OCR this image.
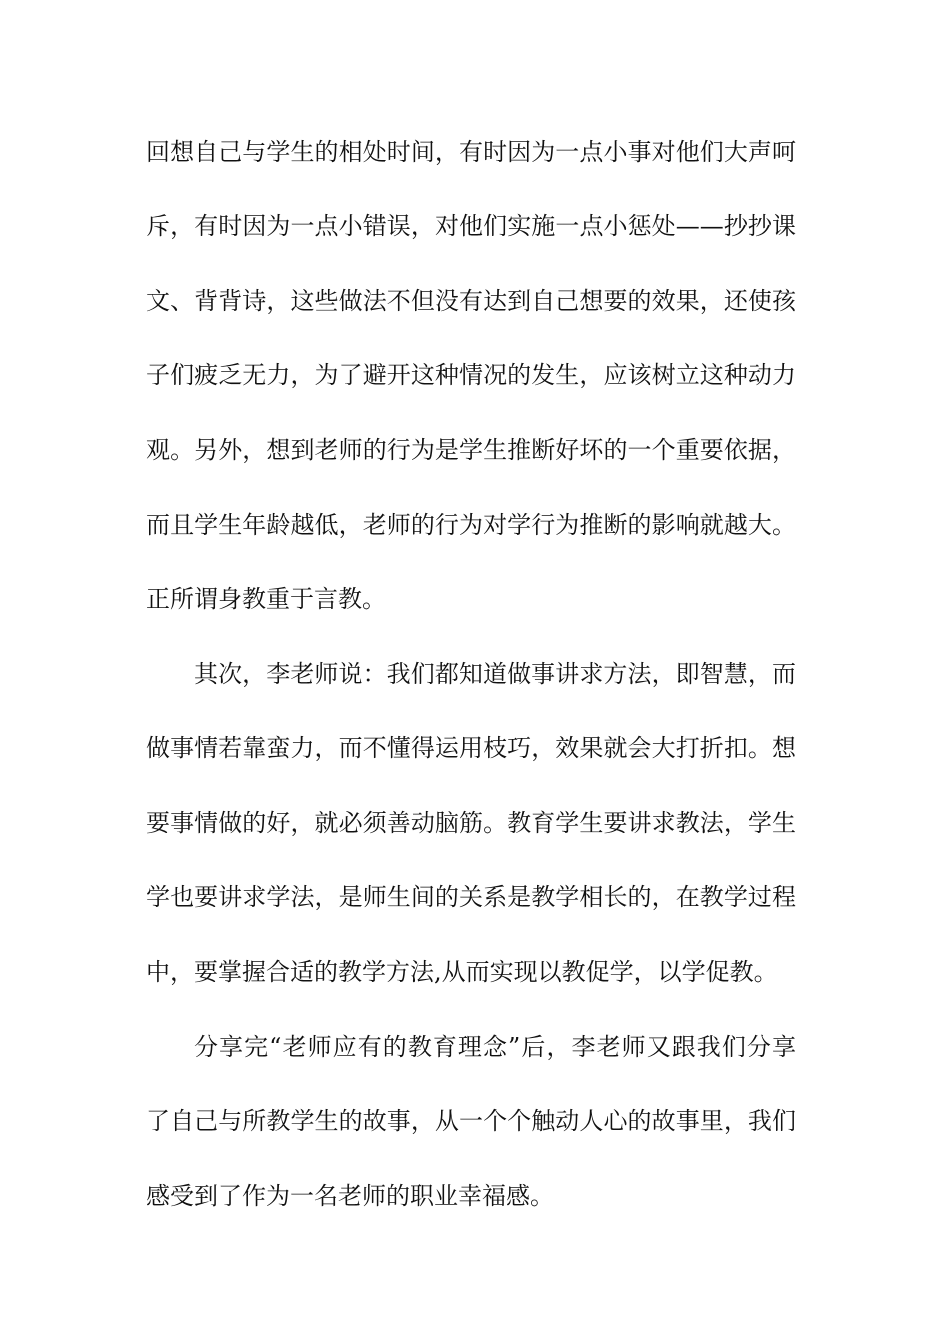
回想自己与学生的相处时间，有时因为一点小事对他们大声呵
斥，有时因为一点小错误，对他们实施一点小惩处——抄抄课
文、背背诗，这些做法不但没有达到自己想要的效果，还使孩
子们疲乏无力，为了避开这种情况的发生，应该树立这种动力
观。另外，想到老师的行为是学生推断好坏的一个重要依据，
而且学生年龄越低，老师的行为对学行为推断的影响就越大。
正所谓身教重于言教。
其次，李老师说：我们都知道做事讲求方法，即智慧，而
做事情若靠蛮力，而不懂得运用枝巧，效果就会大打折扣。想
要事情做的好，就必须善动脑筋。教育学生要讲求教法，学生
学也要讲求学法，是师生间的关系是教学相长的，在教学过程
中，要掌握合适的教学方法,从而实现以教促学，以学促教。
分享完“老师应有的教育理念”后，李老师又跟我们分享
了自己与所教学生的故事，从一个个触动人心的故事里，我们
感受到了作为一名老师的职业幸福感。
